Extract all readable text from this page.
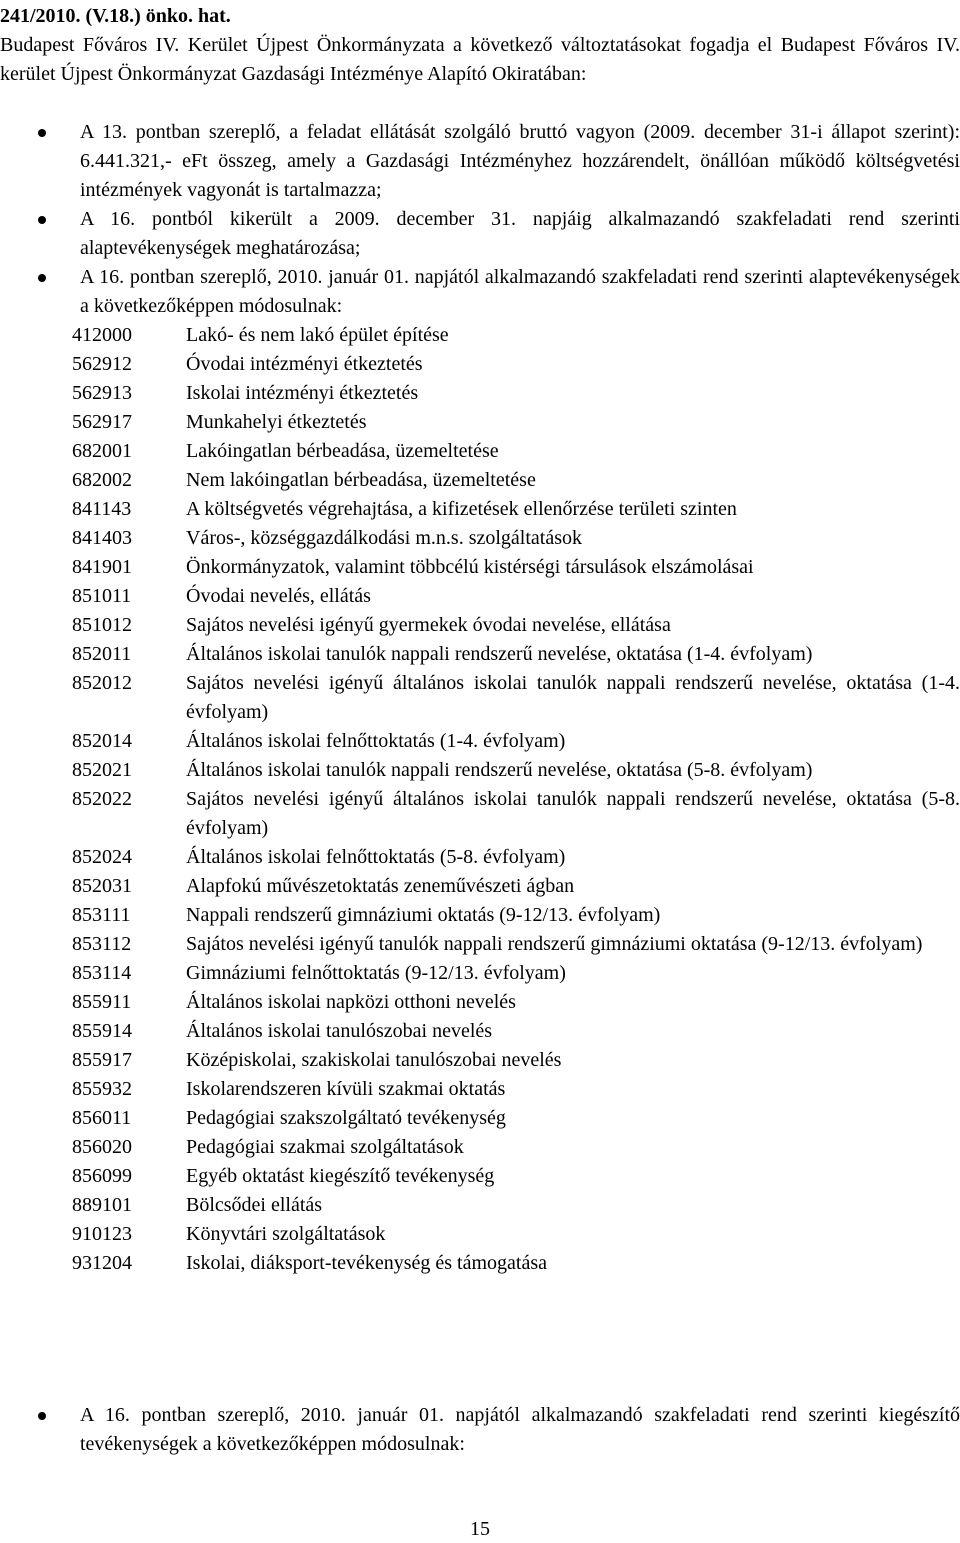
241/2010. (V.18.) önko. hat.
Budapest Főváros IV. Kerület Újpest Önkormányzata a következő változtatásokat fogadja el Budapest Főváros IV. kerület Újpest Önkormányzat Gazdasági Intézménye Alapító Okiratában:
A 13. pontban szereplő, a feladat ellátását szolgáló bruttó vagyon (2009. december 31-i állapot szerint): 6.441.321,- eFt összeg, amely a Gazdasági Intézményhez hozzárendelt, önállóan működő költségvetési intézmények vagyonát is tartalmazza;
A 16. pontból kikerült a 2009. december 31. napjáig alkalmazandó szakfeladati rend szerinti alaptevékenységek meghatározása;
A 16. pontban szereplő, 2010. január 01. napjától alkalmazandó szakfeladati rend szerinti alaptevékenységek a következőképpen módosulnak:
412000	Lakó- és nem lakó épület építése
562912	Óvodai intézményi étkeztetés
562913	Iskolai intézményi étkeztetés
562917	Munkahelyi étkeztetés
682001	Lakóingatlan bérbeadása, üzemeltetése
682002	Nem lakóingatlan bérbeadása, üzemeltetése
841143	A költségvetés végrehajtása, a kifizetések ellenőrzése területi szinten
841403	Város-, községgazdálkodási m.n.s. szolgáltatások
841901	Önkormányzatok, valamint többcélú kistérségi társulások elszámolásai
851011	Óvodai nevelés, ellátás
851012	Sajátos nevelési igényű gyermekek óvodai nevelése, ellátása
852011	Általános iskolai tanulók nappali rendszerű nevelése, oktatása (1-4. évfolyam)
852012	Sajátos nevelési igényű általános iskolai tanulók nappali rendszerű nevelése, oktatása (1-4. évfolyam)
852014	Általános iskolai felnőttoktatás (1-4. évfolyam)
852021	Általános iskolai tanulók nappali rendszerű nevelése, oktatása (5-8. évfolyam)
852022	Sajátos nevelési igényű általános iskolai tanulók nappali rendszerű nevelése, oktatása (5-8. évfolyam)
852024	Általános iskolai felnőttoktatás (5-8. évfolyam)
852031	Alapfokú művészetoktatás zeneművészeti ágban
853111	Nappali rendszerű gimnáziumi oktatás (9-12/13. évfolyam)
853112	Sajátos nevelési igényű tanulók nappali rendszerű gimnáziumi oktatása (9-12/13. évfolyam)
853114	Gimnáziumi felnőttoktatás (9-12/13. évfolyam)
855911	Általános iskolai napközi otthoni nevelés
855914	Általános iskolai tanulószobai nevelés
855917	Középiskolai, szakiskolai tanulószobai nevelés
855932	Iskolarendszeren kívüli szakmai oktatás
856011	Pedagógiai szakszolgáltató tevékenység
856020	Pedagógiai szakmai szolgáltatások
856099	Egyéb oktatást kiegészítő tevékenység
889101	Bölcsődei ellátás
910123	Könyvtári szolgáltatások
931204	Iskolai, diáksport-tevékenység és támogatása
A 16. pontban szereplő, 2010. január 01. napjától alkalmazandó szakfeladati rend szerinti kiegészítő tevékenységek a következőképpen módosulnak:
15
